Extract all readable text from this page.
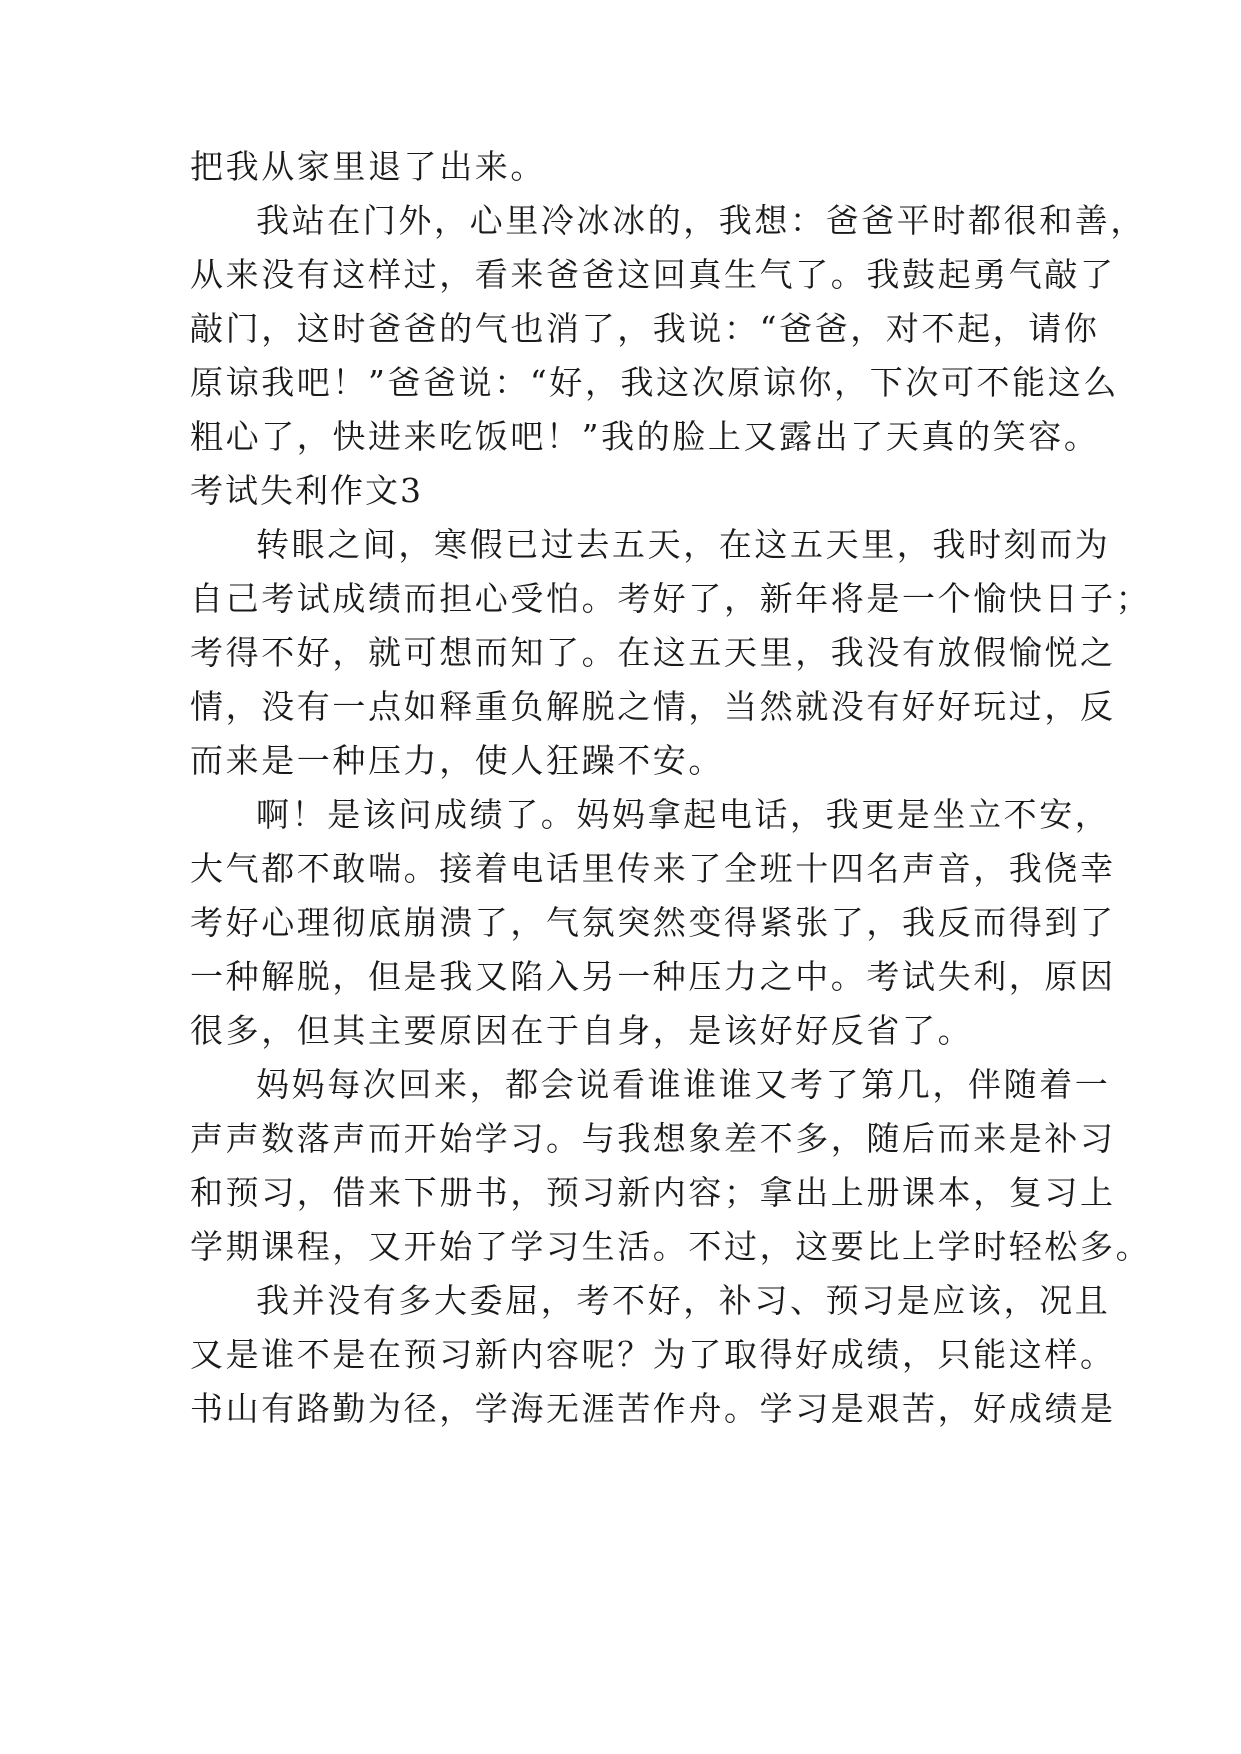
把我从家里退了出来。
我站在门外，心里冷冰冰的，我想：爸爸平时都很和善，
从来没有这样过，看来爸爸这回真生气了。我鼓起勇气敲了
敲门，这时爸爸的气也消了，我说：“爸爸，对不起，请你
原谅我吧！”爸爸说：“好，我这次原谅你，下次可不能这么
粗心了，快进来吃饭吧！”我的脸上又露出了天真的笑容。
考试失利作文3
转眼之间，寒假已过去五天，在这五天里，我时刻而为
自己考试成绩而担心受怕。考好了，新年将是一个愉快日子；
考得不好，就可想而知了。在这五天里，我没有放假愉悦之
情，没有一点如释重负解脱之情，当然就没有好好玩过，反
而来是一种压力，使人狂躁不安。
啊！是该问成绩了。妈妈拿起电话，我更是坐立不安，
大气都不敢喘。接着电话里传来了全班十四名声音，我侥幸
考好心理彻底崩溃了，气氛突然变得紧张了，我反而得到了
一种解脱，但是我又陷入另一种压力之中。考试失利，原因
很多，但其主要原因在于自身，是该好好反省了。
妈妈每次回来，都会说看谁谁谁又考了第几，伴随着一
声声数落声而开始学习。与我想象差不多，随后而来是补习
和预习，借来下册书，预习新内容；拿出上册课本，复习上
学期课程，又开始了学习生活。不过，这要比上学时轻松多。
我并没有多大委屈，考不好，补习、预习是应该，况且
又是谁不是在预习新内容呢？为了取得好成绩，只能这样。
书山有路勤为径，学海无涯苦作舟。学习是艰苦，好成绩是
